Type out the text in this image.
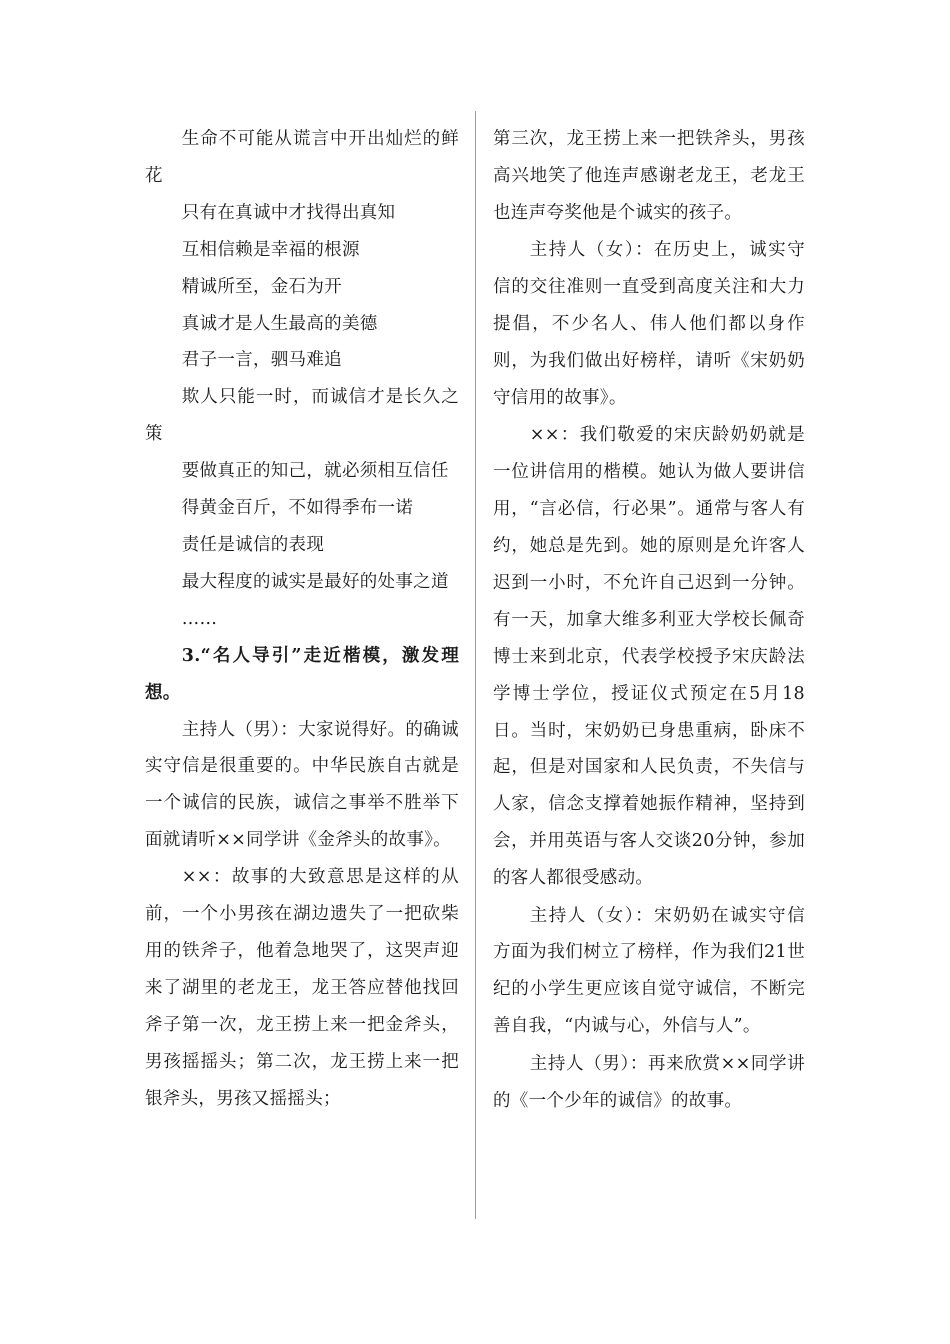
生命不可能从谎言中开出灿烂的鲜花

只有在真诚中才找得出真知

互相信赖是幸福的根源

精诚所至，金石为开

真诚才是人生最高的美德

君子一言，驷马难追

欺人只能一时，而诚信才是长久之策

要做真正的知己，就必须相互信任

得黄金百斤，不如得季布一诺

责任是诚信的表现

最大程度的诚实是最好的处事之道

……

3.“名人导引”走近楷模，激发理想。

主持人（男）：大家说得好。的确诚实守信是很重要的。中华民族自古就是一个诚信的民族，诚信之事举不胜举下面就请听××同学讲《金斧头的故事》。

××：故事的大致意思是这样的从前，一个小男孩在湖边遗失了一把砍柴用的铁斧子，他着急地哭了，这哭声迎来了湖里的老龙王，龙王答应替他找回斧子第一次，龙王捞上来一把金斧头，男孩摇摇头；第二次，龙王捞上来一把银斧头，男孩又摇摇头；

第三次，龙王捞上来一把铁斧头，男孩高兴地笑了他连声感谢老龙王，老龙王也连声夸奖他是个诚实的孩子。

主持人（女）：在历史上，诚实守信的交往准则一直受到高度关注和大力提倡，不少名人、伟人他们都以身作则，为我们做出好榜样，请听《宋奶奶守信用的故事》。

××：我们敬爱的宋庆龄奶奶就是一位讲信用的楷模。她认为做人要讲信用，“言必信，行必果”。通常与客人有约，她总是先到。她的原则是允许客人迟到一小时，不允许自己迟到一分钟。有一天，加拿大维多利亚大学校长佩奇博士来到北京，代表学校授予宋庆龄法学博士学位，授证仪式预定在5月18日。当时，宋奶奶已身患重病，卧床不起，但是对国家和人民负责，不失信与人家，信念支撑着她振作精神，坚持到会，并用英语与客人交谈20分钟，参加的客人都很受感动。

主持人（女）：宋奶奶在诚实守信方面为我们树立了榜样，作为我们21世纪的小学生更应该自觉守诚信，不断完善自我，“内诚与心，外信与人”。

主持人（男）：再来欣赏××同学讲的《一个少年的诚信》的故事。
